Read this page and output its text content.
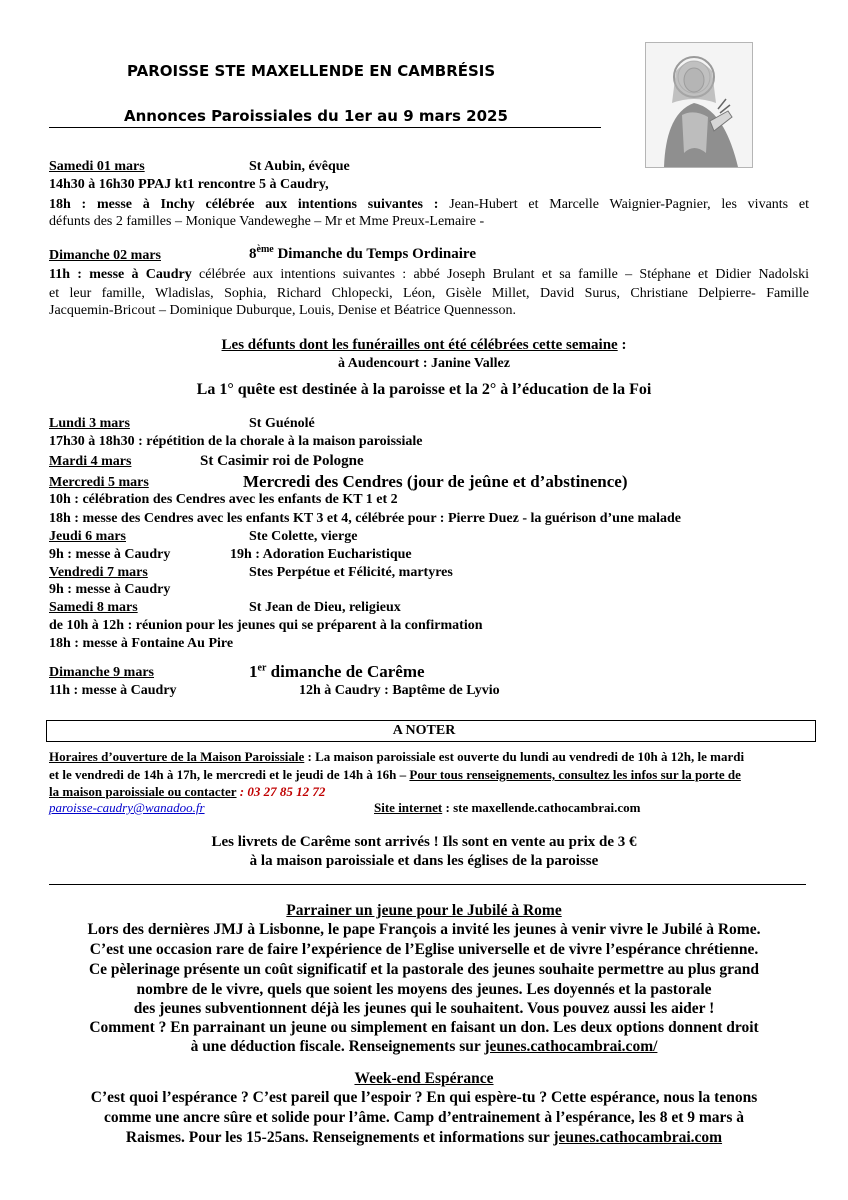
PAROISSE STE MAXELLENDE EN CAMBRÉSIS
Annonces Paroissiales du 1er au 9 mars 2025
Samedi 01 mars	St Aubin, évêque
14h30 à 16h30 PPAJ kt1 rencontre 5 à Caudry,
18h : messe à Inchy célébrée aux intentions suivantes : Jean-Hubert et Marcelle Waignier-Pagnier, les vivants et
défunts des 2 familles – Monique Vandeweghe – Mr et Mme Preux-Lemaire -
Dimanche 02 mars	8ème Dimanche du Temps Ordinaire
11h : messe à Caudry célébrée aux intentions suivantes : abbé Joseph Brulant et sa famille – Stéphane et Didier Nadolski
et leur famille, Wladislas, Sophia, Richard Chlopecki, Léon, Gisèle Millet, David Surus, Christiane Delpierre- Famille
Jacquemin-Bricout – Dominique Duburque, Louis, Denise et Béatrice Quennesson.
Les défunts dont les funérailles ont été célébrées cette semaine :
à Audencourt : Janine Vallez
La 1° quête est destinée à la paroisse et la 2° à l’éducation de la Foi
Lundi 3 mars	St Guénolé
17h30 à 18h30 : répétition de la chorale à la maison paroissiale
Mardi 4 mars	St Casimir roi de Pologne
Mercredi 5 mars	Mercredi des Cendres (jour de jeûne et d’abstinence)
10h : célébration des Cendres avec les enfants de KT 1 et 2
18h : messe des Cendres avec les enfants KT 3 et 4, célébrée pour : Pierre Duez - la guérison d’une malade
Jeudi 6 mars	Ste Colette, vierge
9h : messe à Caudry	19h : Adoration Eucharistique
Vendredi 7 mars	Stes Perpétue et Félicité, martyres
9h : messe à Caudry
Samedi 8 mars	St Jean de Dieu, religieux
de 10h à 12h : réunion pour les jeunes qui se préparent à la confirmation
18h : messe à Fontaine Au Pire
Dimanche 9 mars	1er dimanche de Carême
11h : messe à Caudry	12h à Caudry : Baptême de Lyvio
A NOTER
Horaires d’ouverture de la Maison Paroissiale : La maison paroissiale est ouverte du lundi au vendredi de 10h à 12h, le mardi
et le vendredi de 14h à 17h, le mercredi et le jeudi de 14h à 16h – Pour tous renseignements, consultez les infos sur la porte de
la maison paroissiale ou contacter : 03 27 85 12 72
paroisse-caudry@wanadoo.fr	Site internet : ste maxellende.cathocambrai.com
Les livrets de Carême sont arrivés ! Ils sont en vente au prix de 3 €
à la maison paroissiale et dans les églises de la paroisse
Parrainer un jeune pour le Jubilé à Rome
Lors des dernières JMJ à Lisbonne, le pape François a invité les jeunes à venir vivre le Jubilé à Rome.
C’est une occasion rare de faire l’expérience de l’Eglise universelle et de vivre l’espérance chrétienne.
Ce pèlerinage présente un coût significatif et la pastorale des jeunes souhaite permettre au plus grand
nombre de le vivre, quels que soient les moyens des jeunes. Les doyennés et la pastorale
des jeunes subventionnent déjà les jeunes qui le souhaitent. Vous pouvez aussi les aider !
Comment ? En parrainant un jeune ou simplement en faisant un don. Les deux options donnent droit
à une déduction fiscale. Renseignements sur jeunes.cathocambrai.com/
Week-end Espérance
C’est quoi l’espérance ? C’est pareil que l’espoir ? En qui espère-tu ? Cette espérance, nous la tenons
comme une ancre sûre et solide pour l’âme. Camp d’entrainement à l’espérance, les 8 et 9 mars à
Raismes. Pour les 15-25ans. Renseignements et informations sur jeunes.cathocambrai.com
